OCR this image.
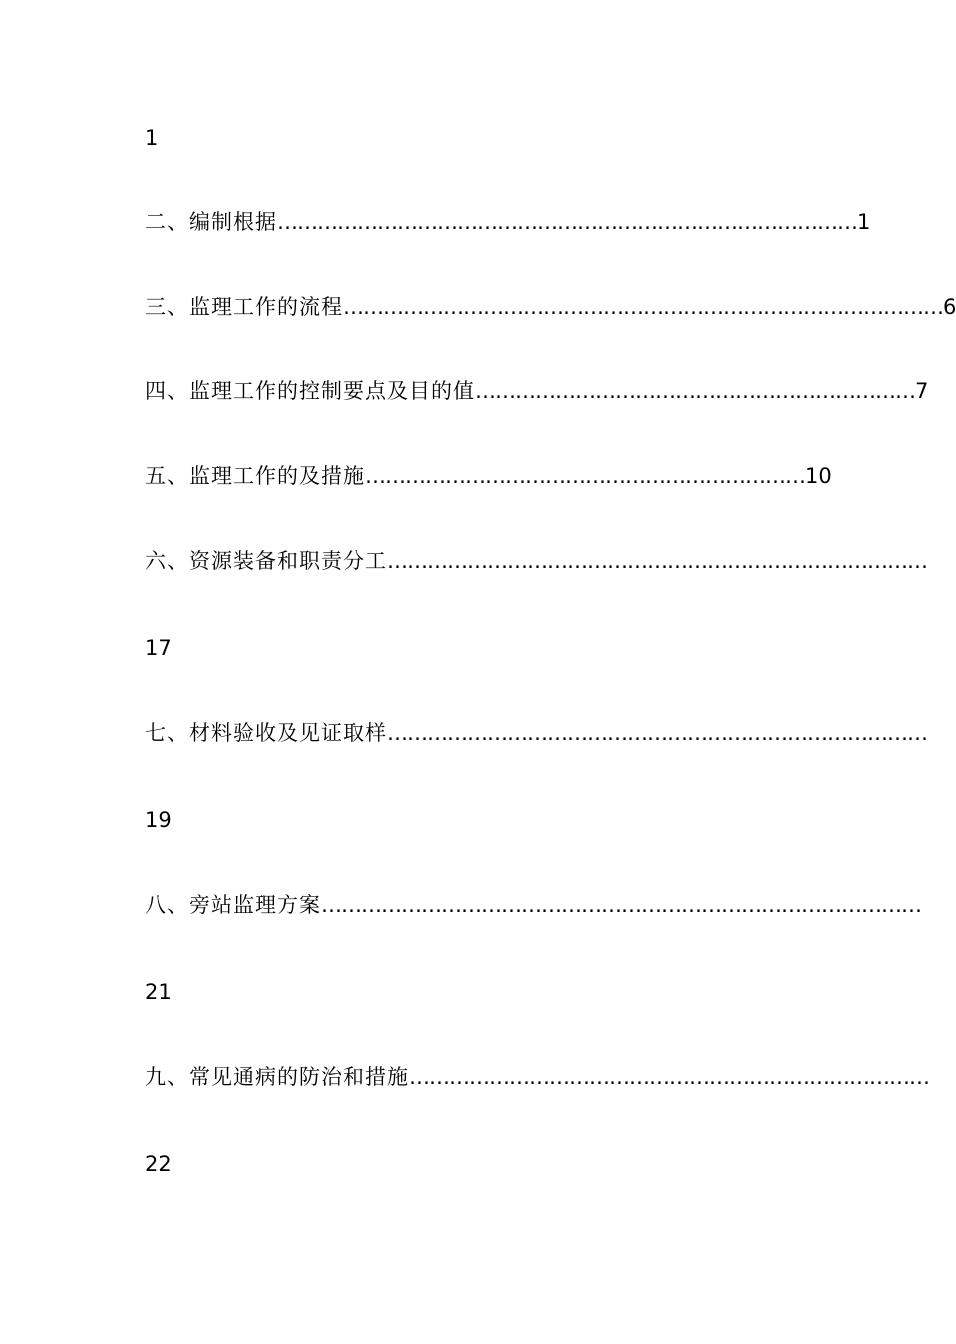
1
二、编制根据 …………………………………………………………………………… 1
三、监理工作的流程 ……………………………………………………………………………… 6
四、监理工作的控制要点及目的值 ………………………………………………………… 7
五、监理工作的及措施 ………………………………………………………… 10
六、资源装备和职责分工 ………………………………………………………………………
17
七、材料验收及见证取样 ………………………………………………………………………
19
八、旁站监理方案 ………………………………………………………………………………
21
九、常见通病的防治和措施 ……………………………………………………………………
22
